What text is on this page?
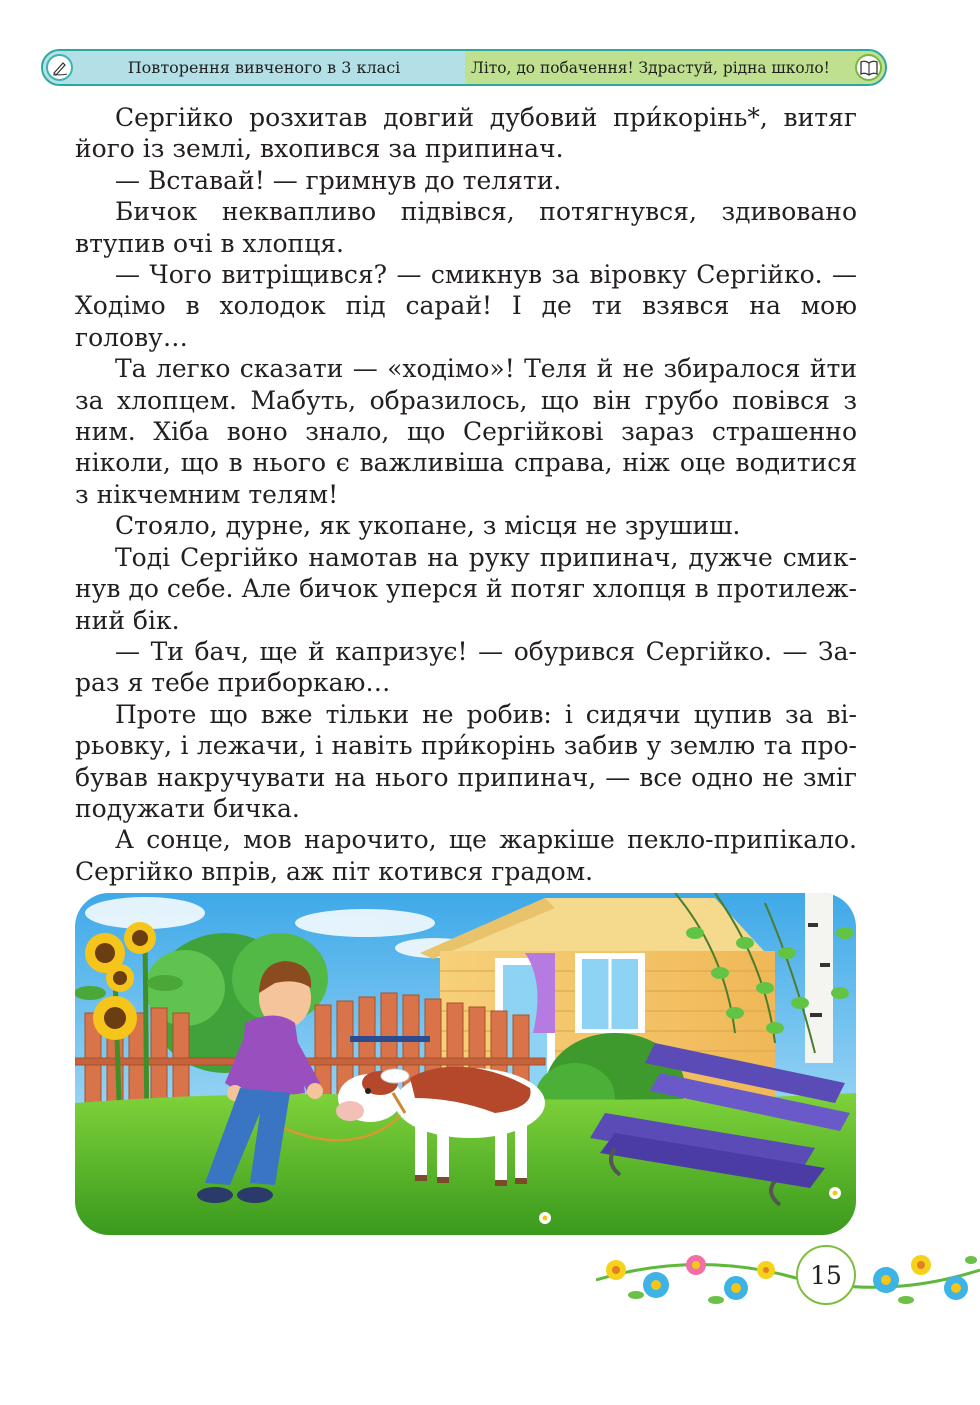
Повторення вивченого в 3 класі	Літо, до побачення! Здрастуй, рідна школо!

Сергійко розхитав довгий дубовий при́корінь*, витяг його із землі, вхопився за припинач.

— Вставай! — гримнув до теляти.

Бичок неквапливо підвівся, потягнувся, здивовано втупив очі в хлопця.

— Чого витріщився? — смикнув за віровку Сергійко. — Ходімо в холодок під сарай! І де ти взявся на мою голову…

Та легко сказати — «ходімо»! Теля й не збиралося йти за хлопцем. Мабуть, образилось, що він грубо повівся з ним. Хіба воно знало, що Сергійкові зараз страшенно ніколи, що в нього є важливіша справа, ніж оце водитися з нікчемним телям!

Стояло, дурне, як укопане, з місця не зрушиш.

Тоді Сергійко намотав на руку припинач, дужче смикнув до себе. Але бичок уперся й потяг хлопця в протилежний бік.

— Ти бач, ще й капризує! — обурився Сергійко. — Зараз я тебе приборкаю…

Проте що вже тільки не робив: і сидячи цупив за вірьовку, і лежачи, і навіть при́корінь забив у землю та пробував накручувати на нього припинач, — все одно не зміг подужати бичка.

А сонце, мов нарочито, ще жаркіше пекло-припікало. Сергійко впрів, аж піт котився градом.

15
